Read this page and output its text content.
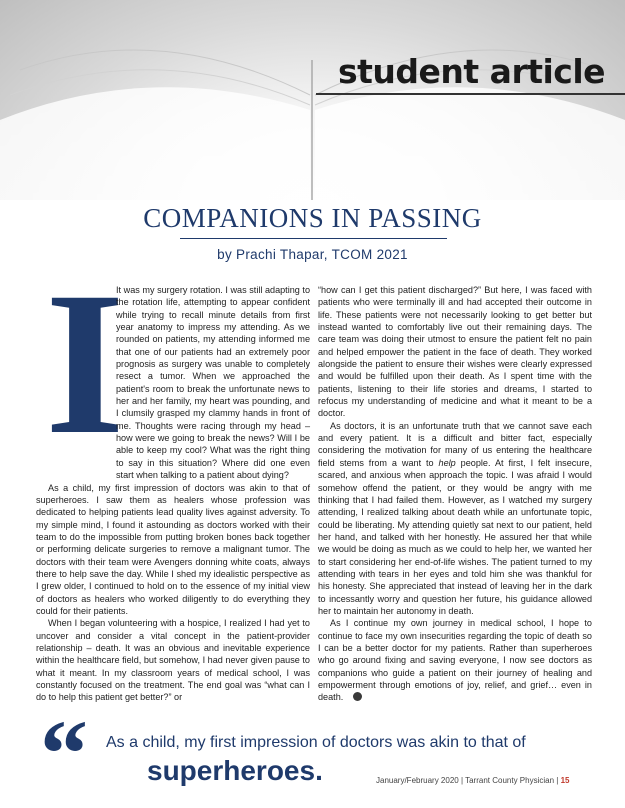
student article
COMPANIONS IN PASSING
by Prachi Thapar, TCOM 2021
I

It was my surgery rotation. I was still adapting to the rotation life, attempting to appear confident while trying to recall minute details from first year anatomy to impress my attending. As we rounded on patients, my attending informed me that one of our patients had an extremely poor prognosis as surgery was unable to completely resect a tumor. When we approached the patient's room to break the unfortunate news to her and her family, my heart was pounding, and I clumsily grasped my clammy hands in front of me. Thoughts were racing through my head – how were we going to break the news? Will I be able to keep my cool? What was the right thing to say in this situation? Where did one even start when talking to a patient about dying?

As a child, my first impression of doctors was akin to that of superheroes. I saw them as healers whose profession was dedicated to helping patients lead quality lives against adversity. To my simple mind, I found it astounding as doctors worked with their team to do the impossible from putting broken bones back together or performing delicate surgeries to remove a malignant tumor. The doctors with their team were Avengers donning white coats, always there to help save the day. While I shed my idealistic perspective as I grew older, I continued to hold on to the essence of my initial view of doctors as healers who worked diligently to do everything they could for their patients.

When I began volunteering with a hospice, I realized I had yet to uncover and consider a vital concept in the patient-provider relationship – death. It was an obvious and inevitable experience within the healthcare field, but somehow, I had never given pause to what it meant. In my classroom years of medical school, I was constantly focused on the treatment. The end goal was “what can I do to help this patient get better?” or

“how can I get this patient discharged?” But here, I was faced with patients who were terminally ill and had accepted their outcome in life. These patients were not necessarily looking to get better but instead wanted to comfortably live out their remaining days. The care team was doing their utmost to ensure the patient felt no pain and helped empower the patient in the face of death. They worked alongside the patient to ensure their wishes were clearly expressed and would be fulfilled upon their death. As I spent time with the patients, listening to their life stories and dreams, I started to refocus my understanding of medicine and what it meant to be a doctor.

As doctors, it is an unfortunate truth that we cannot save each and every patient. It is a difficult and bitter fact, especially considering the motivation for many of us entering the healthcare field stems from a want to help people. At first, I felt insecure, scared, and anxious when approach the topic. I was afraid I would somehow offend the patient, or they would be angry with me thinking that I had failed them. However, as I watched my surgery attending, I realized talking about death while an unfortunate topic, could be liberating. My attending quietly sat next to our patient, held her hand, and talked with her honestly. He assured her that while we would be doing as much as we could to help her, we wanted her to start considering her end-of-life wishes. The patient turned to my attending with tears in her eyes and told him she was thankful for his honesty. She appreciated that instead of leaving her in the dark to incessantly worry and question her future, his guidance allowed her to maintain her autonomy in death.

As I continue my own journey in medical school, I hope to continue to face my own insecurities regarding the topic of death so I can be a better doctor for my patients. Rather than superheroes who go around fixing and saving everyone, I now see doctors as companions who guide a patient on their journey of healing and empowerment through emotions of joy, relief, and grief… even in death.

“ As a child, my first impression of doctors was akin to that of
superheroes.	January/February 2020 | Tarrant County Physician | 15
